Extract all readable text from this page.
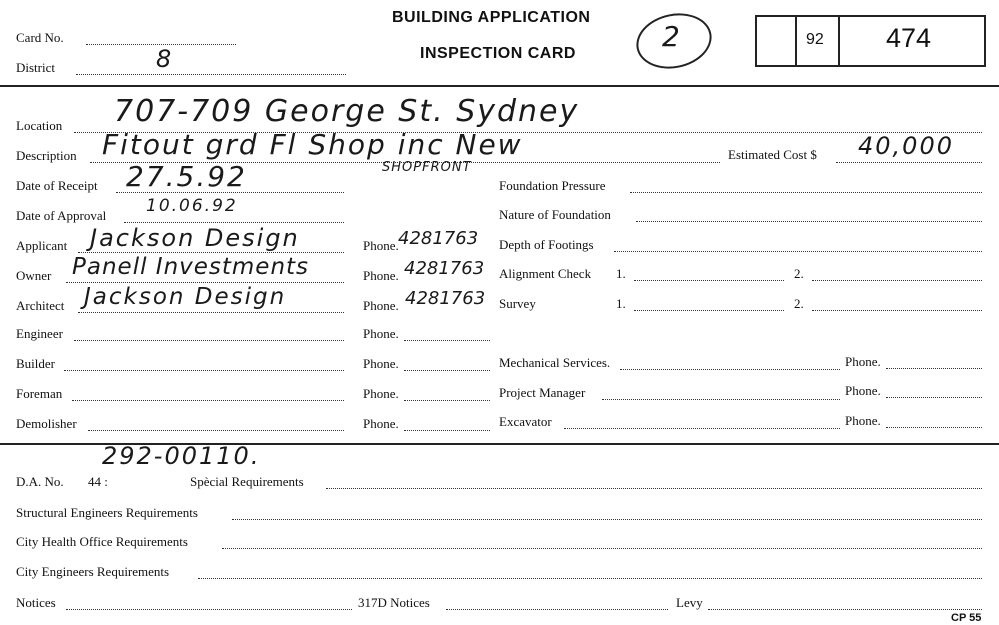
Card No.
District	8
BUILDING APPLICATION
INSPECTION CARD
2	92 474
Location 707-709 George St. Sydney
Description Fitout grd Fl Shop inc New
SHOPFRONT
Estimated Cost $ 40,000
Date of Receipt 27.5.92
Date of Approval 10.06.92
Applicant Jackson Design	Phone. 4281763
Owner Panell Investments	Phone. 4281763
Architect Jackson Design	Phone. 4281763
Engineer	Phone.
Builder	Phone.
Foreman	Phone.
Demolisher	Phone.
Foundation Pressure
Nature of Foundation
Depth of Footings
Alignment Check 1.	2.
Survey	1.	2.
Mechanical Services.	Phone.
Project Manager	Phone.
Excavator	Phone.
292-00110.
D.A. No. 44 :	Spècial Requirements
Structural Engineers Requirements
City Health Office Requirements
City Engineers Requirements
Notices	317D Notices	Levy
CP 55
